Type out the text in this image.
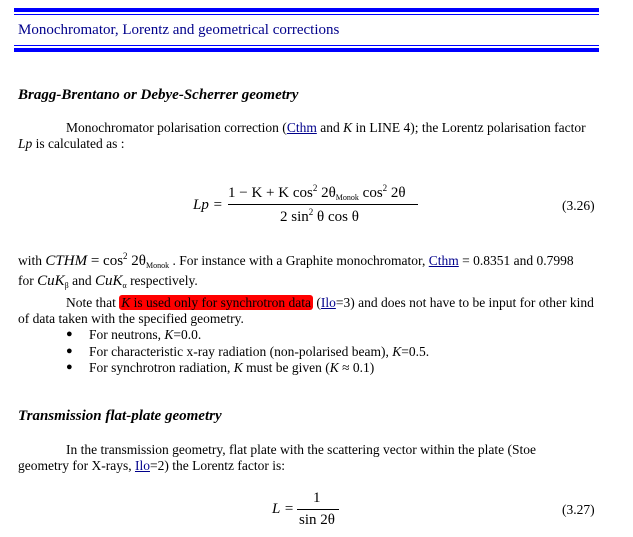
Monochromator, Lorentz and geometrical corrections
Bragg-Brentano or Debye-Scherrer geometry
Monochromator polarisation correction (Cthm and K in LINE 4); the Lorentz polarisation factor
Lp is calculated as :
Lp =
1 − K + K $\cos^2 2\theta_{Monok}$ $\cos^2 2\theta$
2 $\sin^2 \theta$ cos θ
(3.26)
with CTHM = $\cos^2 2\theta_{Monok}$ . For instance with a Graphite monochromator, Cthm = 0.8351 and 0.7998
for CuK$_\beta$ and CuK$_\alpha$ respectively.
Note that K is used only for synchrotron data (Ilo=3) and does not have to be input for other kind
of data taken with the specified geometry.
● For neutrons, K=0.0.
● For characteristic x-ray radiation (non-polarised beam), K=0.5.
● For synchrotron radiation, K must be given (K ≈ 0.1)
Transmission flat-plate geometry
In the transmission geometry, flat plate with the scattering vector within the plate (Stoe
geometry for X-rays, Ilo=2) the Lorentz factor is:
L =
1
sin 2θ
(3.27)
